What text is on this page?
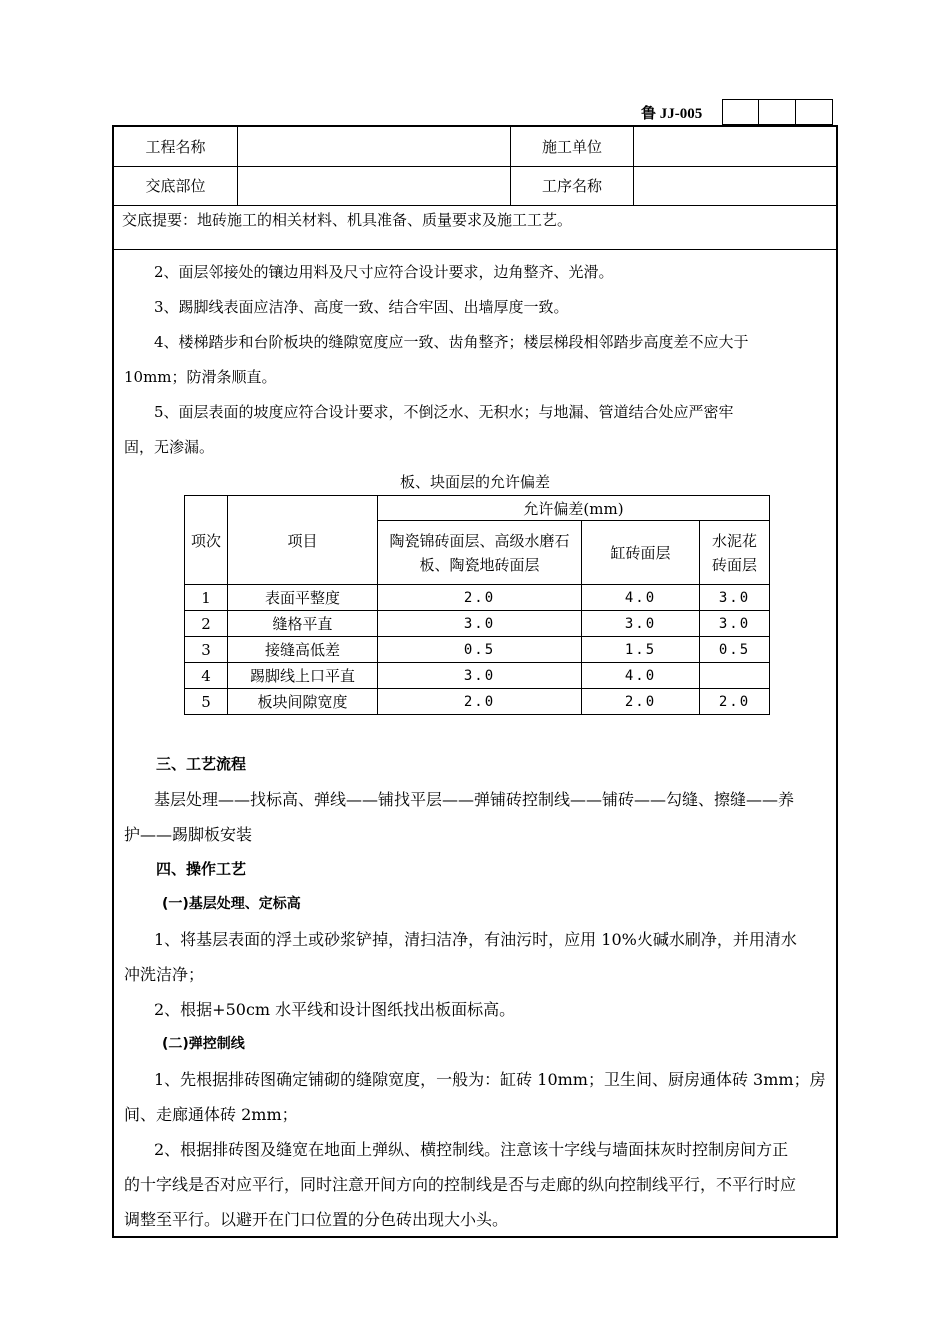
鲁 JJ-005
工程名称	施工单位
交底部位	工序名称
交底提要：地砖施工的相关材料、机具准备、质量要求及施工工艺。

2、面层邻接处的镶边用料及尺寸应符合设计要求，边角整齐、光滑。

3、踢脚线表面应洁净、高度一致、结合牢固、出墙厚度一致。

4、楼梯踏步和台阶板块的缝隙宽度应一致、齿角整齐；楼层梯段相邻踏步高度差不应大于

10mm；防滑条顺直。

5、面层表面的坡度应符合设计要求，不倒泛水、无积水；与地漏、管道结合处应严密牢

固，无渗漏。

板、块面层的允许偏差
项次	项目	允许偏差(mm)		
		陶瓷锦砖面层、高级水磨石板、陶瓷地砖面层	缸砖面层	水泥花砖面层
1	表面平整度	2.0	4.0	3.0
2	缝格平直	3.0	3.0	3.0
3	接缝高低差	0.5	1.5	0.5
4	踢脚线上口平直	3.0	4.0	
5	板块间隙宽度	2.0	2.0	2.0
三、工艺流程

基层处理——找标高、弹线——铺找平层——弹铺砖控制线——铺砖——勾缝、擦缝——养

护——踢脚板安装

四、操作工艺
(一)基层处理、定标高

1、将基层表面的浮土或砂浆铲掉，清扫洁净，有油污时，应用 10%火碱水刷净，并用清水

冲洗洁净；

2、根据+50cm 水平线和设计图纸找出板面标高。

(二)弹控制线

1、先根据排砖图确定铺砌的缝隙宽度，一般为：缸砖 10mm；卫生间、厨房通体砖 3mm；房

间、走廊通体砖 2mm；

2、根据排砖图及缝宽在地面上弹纵、横控制线。注意该十字线与墙面抹灰时控制房间方正

的十字线是否对应平行，同时注意开间方向的控制线是否与走廊的纵向控制线平行，不平行时应

调整至平行。以避开在门口位置的分色砖出现大小头。
